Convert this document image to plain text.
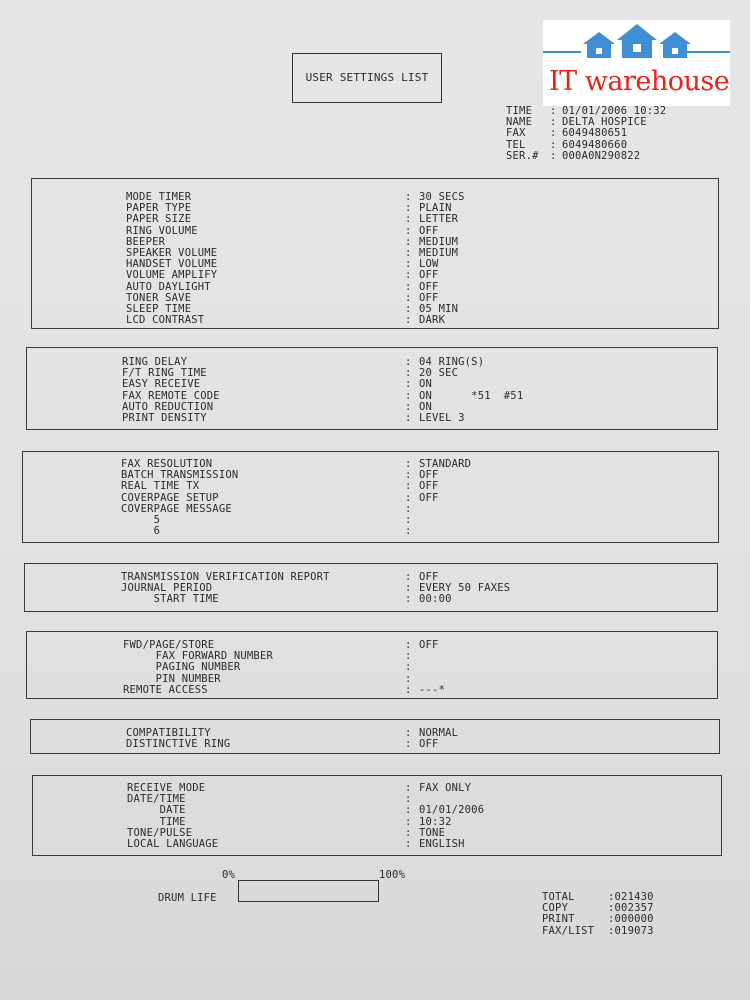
IT warehouse
USER SETTINGS LIST
TIME	: 01/01/2006 10:32
NAME	: DELTA HOSPICE
FAX	: 6049480651
TEL	: 6049480660
SER.#	: 000A0N290822
MODE TIMER	: 30 SECS
PAPER TYPE	: PLAIN
PAPER SIZE	: LETTER
RING VOLUME	: OFF
BEEPER	: MEDIUM
SPEAKER VOLUME	: MEDIUM
HANDSET VOLUME	: LOW
VOLUME AMPLIFY	: OFF
AUTO DAYLIGHT	: OFF
TONER SAVE	: OFF
SLEEP TIME	: 05 MIN
LCD CONTRAST	: DARK
RING DELAY	: 04 RING(S)
F/T RING TIME	: 20 SEC
EASY RECEIVE	: ON
FAX REMOTE CODE	: ON      *51  #51
AUTO REDUCTION	: ON
PRINT DENSITY	: LEVEL 3
FAX RESOLUTION	: STANDARD
BATCH TRANSMISSION	: OFF
REAL TIME TX	: OFF
COVERPAGE SETUP	: OFF
COVERPAGE MESSAGE	:
5	:
6	:
TRANSMISSION VERIFICATION REPORT	: OFF
JOURNAL PERIOD	: EVERY 50 FAXES
START TIME	: 00:00
FWD/PAGE/STORE	: OFF
FAX FORWARD NUMBER	:
PAGING NUMBER	:
PIN NUMBER	:
REMOTE ACCESS	: ---*
COMPATIBILITY	: NORMAL
DISTINCTIVE RING	: OFF
RECEIVE MODE	: FAX ONLY
DATE/TIME	:
DATE	: 01/01/2006
TIME	: 10:32
TONE/PULSE	: TONE
LOCAL LANGUAGE	: ENGLISH
0%	100%
DRUM LIFE	TOTAL	:021430
COPY	:002357
PRINT	:000000
FAX/LIST	:019073
